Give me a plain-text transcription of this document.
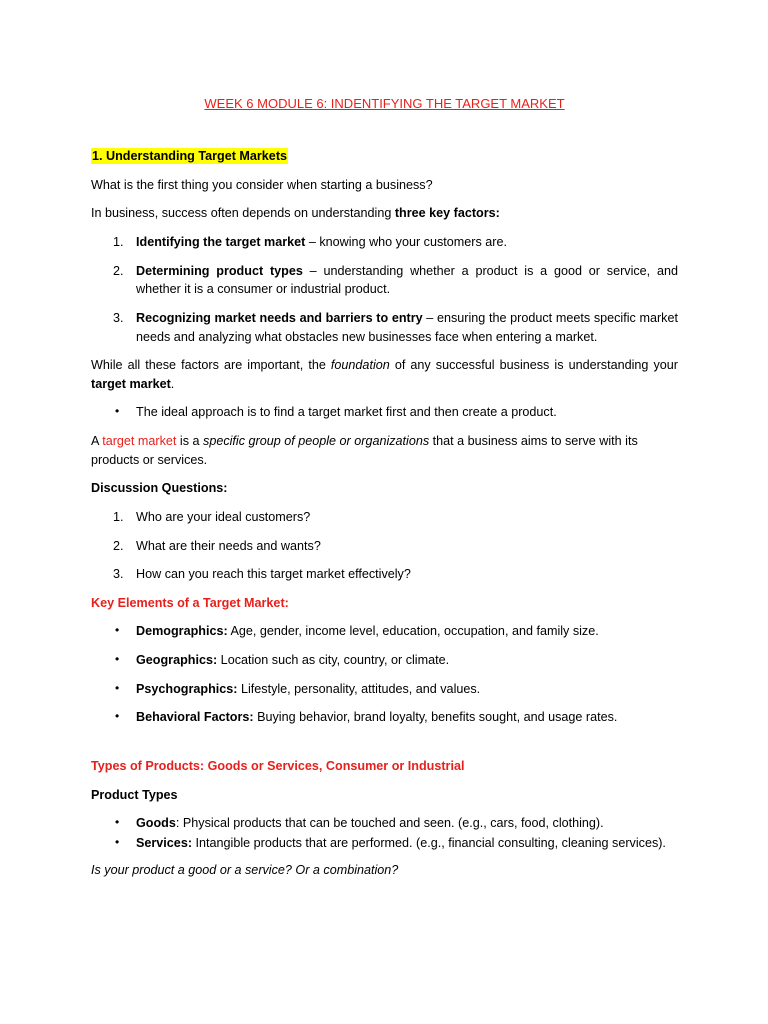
WEEK 6 MODULE 6: INDENTIFYING THE TARGET MARKET
1. Understanding Target Markets

What is the first thing you consider when starting a business?

In business, success often depends on understanding three key factors:

1. Identifying the target market – knowing who your customers are.
2. Determining product types – understanding whether a product is a good or service, and whether it is a consumer or industrial product.
3. Recognizing market needs and barriers to entry – ensuring the product meets specific market needs and analyzing what obstacles new businesses face when entering a market.

While all these factors are important, the foundation of any successful business is understanding your target market.

• The ideal approach is to find a target market first and then create a product.

A target market is a specific group of people or organizations that a business aims to serve with its products or services.

Discussion Questions:

1. Who are your ideal customers?
2. What are their needs and wants?
3. How can you reach this target market effectively?

Key Elements of a Target Market:

• Demographics: Age, gender, income level, education, occupation, and family size.
• Geographics: Location such as city, country, or climate.
• Psychographics: Lifestyle, personality, attitudes, and values.
• Behavioral Factors: Buying behavior, brand loyalty, benefits sought, and usage rates.

Types of Products: Goods or Services, Consumer or Industrial

Product Types

• Goods: Physical products that can be touched and seen. (e.g., cars, food, clothing).
• Services: Intangible products that are performed. (e.g., financial consulting, cleaning services).

Is your product a good or a service? Or a combination?
